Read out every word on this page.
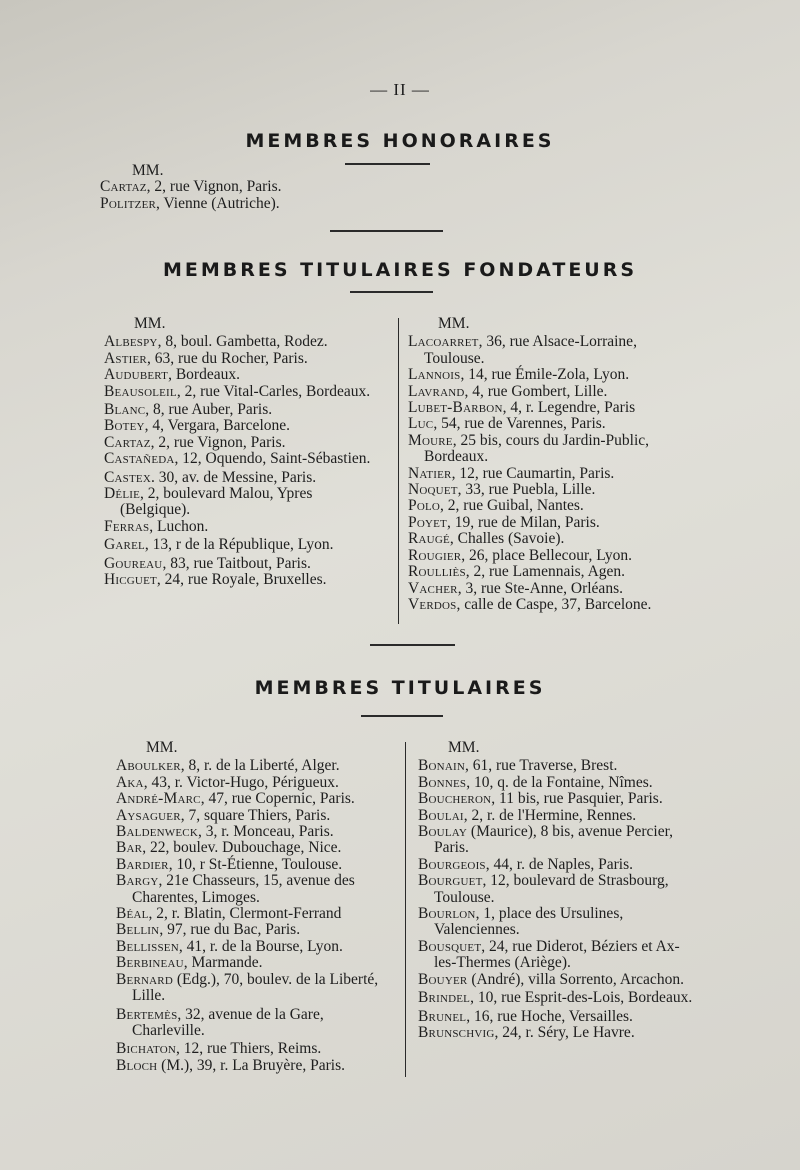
— II —
MEMBRES HONORAIRES
MM.
Cartaz, 2, rue Vignon, Paris.
Politzer, Vienne (Autriche).
MEMBRES TITULAIRES FONDATEURS
MM.
Albespy, 8, boul. Gambetta, Rodez.
Astier, 63, rue du Rocher, Paris.
Audubert, Bordeaux.
Beausoleil, 2, rue Vital-Carles, Bordeaux.
Blanc, 8, rue Auber, Paris.
Botey, 4, Vergara, Barcelone.
Cartaz, 2, rue Vignon, Paris.
Castañeda, 12, Oquendo, Saint-Sébastien.
Castex. 30, av. de Messine, Paris.
Délie, 2, boulevard Malou, Ypres (Belgique).
Ferras, Luchon.
Garel, 13, r de la République, Lyon.
Goureau, 83, rue Taitbout, Paris.
Hicguet, 24, rue Royale, Bruxelles.
MM.
Lacoarret, 36, rue Alsace-Lorraine, Toulouse.
Lannois, 14, rue Émile-Zola, Lyon.
Lavrand, 4, rue Gombert, Lille.
Lubet-Barbon, 4, r. Legendre, Paris
Luc, 54, rue de Varennes, Paris.
Moure, 25 bis, cours du Jardin-Public, Bordeaux.
Natier, 12, rue Caumartin, Paris.
Noquet, 33, rue Puebla, Lille.
Polo, 2, rue Guibal, Nantes.
Poyet, 19, rue de Milan, Paris.
Raugé, Challes (Savoie).
Rougier, 26, place Bellecour, Lyon.
Roulliès, 2, rue Lamennais, Agen.
Vacher, 3, rue Ste-Anne, Orléans.
Verdos, calle de Caspe, 37, Barcelone.
MEMBRES TITULAIRES
MM.
Aboulker, 8, r. de la Liberté, Alger.
Aka, 43, r. Victor-Hugo, Périgueux.
André-Marc, 47, rue Copernic, Paris.
Aysaguer, 7, square Thiers, Paris.
Baldenweck, 3, r. Monceau, Paris.
Bar, 22, boulev. Dubouchage, Nice.
Bardier, 10, r St-Étienne, Toulouse.
Bargy, 21e Chasseurs, 15, avenue des Charentes, Limoges.
Béal, 2, r. Blatin, Clermont-Ferrand
Bellin, 97, rue du Bac, Paris.
Bellissen, 41, r. de la Bourse, Lyon.
Berbineau, Marmande.
Bernard (Edg.), 70, boulev. de la Liberté, Lille.
Bertemès, 32, avenue de la Gare, Charleville.
Bichaton, 12, rue Thiers, Reims.
Bloch (M.), 39, r. La Bruyère, Paris.
MM.
Bonain, 61, rue Traverse, Brest.
Bonnes, 10, q. de la Fontaine, Nîmes.
Boucheron, 11 bis, rue Pasquier, Paris.
Boulai, 2, r. de l'Hermine, Rennes.
Boulay (Maurice), 8 bis, avenue Percier, Paris.
Bourgeois, 44, r. de Naples, Paris.
Bourguet, 12, boulevard de Strasbourg, Toulouse.
Bourlon, 1, place des Ursulines, Valenciennes.
Bousquet, 24, rue Diderot, Béziers et Ax-les-Thermes (Ariège).
Bouyer (André), villa Sorrento, Arcachon.
Brindel, 10, rue Esprit-des-Lois, Bordeaux.
Brunel, 16, rue Hoche, Versailles.
Brunschvig, 24, r. Séry, Le Havre.
